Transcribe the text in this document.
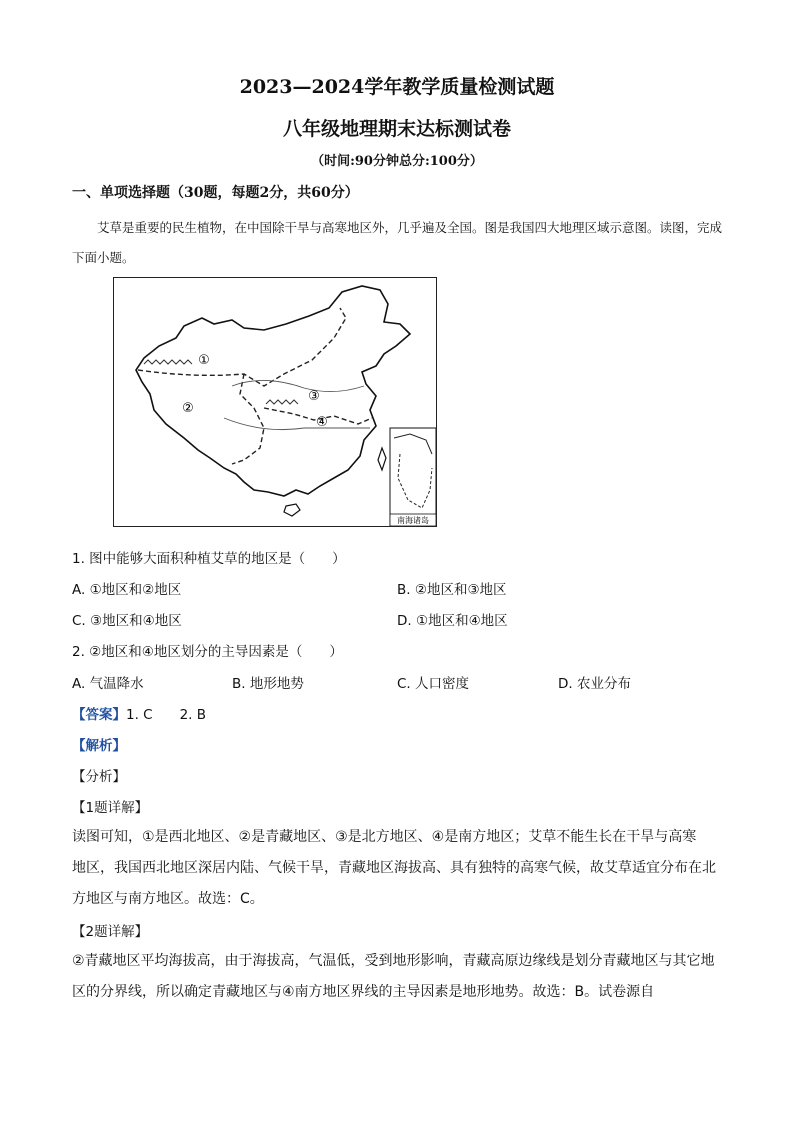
2023—2024学年教学质量检测试题
八年级地理期末达标测试卷
（时间:90分钟总分:100分）
一、单项选择题（30题，每题2分，共60分）
艾草是重要的民生植物，在中国除干旱与高寒地区外，几乎遍及全国。图是我国四大地理区域示意图。读图，完成下面小题。
①
②
③
④
南海诸岛
1. 图中能够大面积种植艾草的地区是（　　）
A. ①地区和②地区	B. ②地区和③地区
C. ③地区和④地区	D. ①地区和④地区
2. ②地区和④地区划分的主导因素是（　　）
A. 气温降水	B. 地形地势	C. 人口密度	D. 农业分布
【答案】1. C　　2. B
【解析】
【分析】
【1题详解】
读图可知，①是西北地区、②是青藏地区、③是北方地区、④是南方地区；艾草不能生长在干旱与高寒
地区，我国西北地区深居内陆、气候干旱，青藏地区海拔高、具有独特的高寒气候，故艾草适宜分布在北
方地区与南方地区。故选：C。
【2题详解】
②青藏地区平均海拔高，由于海拔高，气温低，受到地形影响，青藏高原边缘线是划分青藏地区与其它地
区的分界线，所以确定青藏地区与④南方地区界线的主导因素是地形地势。故选：B。试卷源自
